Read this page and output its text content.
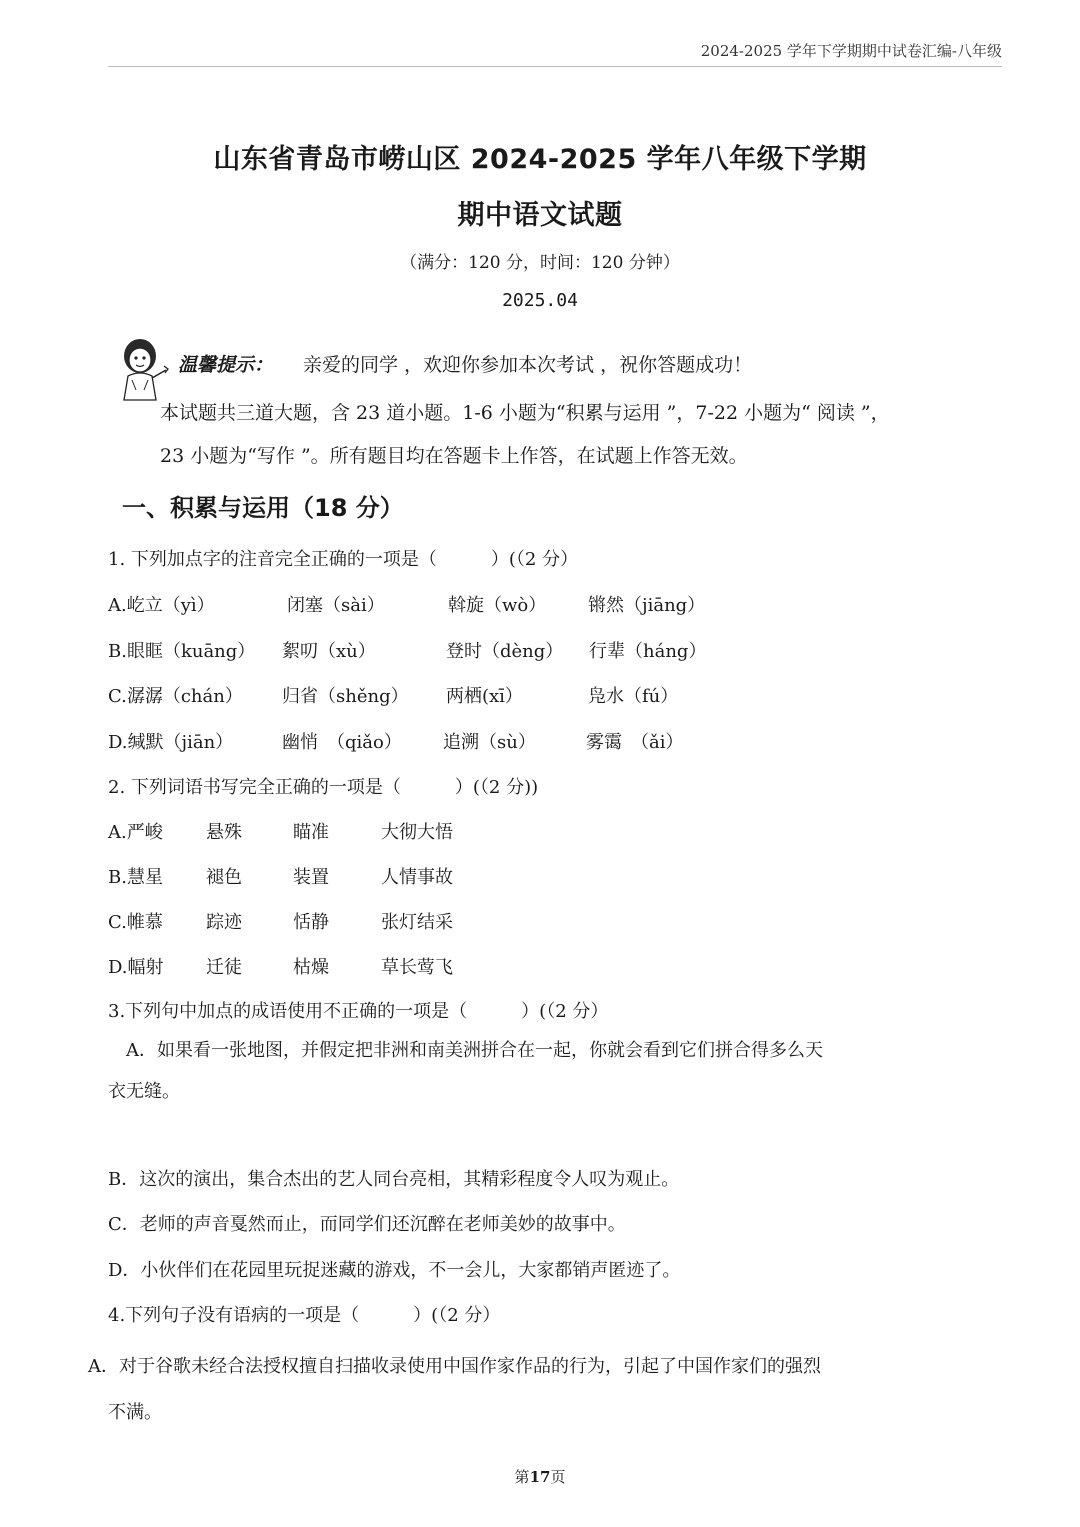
2024-2025 学年下学期期中试卷汇编-八年级
山东省青岛市崂山区 2024-2025 学年八年级下学期
期中语文试题
（满分：120 分，时间：120 分钟）
2025.04
温馨提示： 亲爱的同学 ，欢迎你参加本次考试 ，祝你答题成功！
本试题共三道大题，含 23 道小题。1-6 小题为“积累与运用 ”，7-22 小题为“ 阅读 ”，
23 小题为“写作 ”。所有题目均在答题卡上作答，在试题上作答无效。
一、积累与运用（18 分）
1. 下列加点字的注音完全正确的一项是（　　　）(（2 分）
A.屹立（yì）	闭塞（sài）	斡旋（wò） 锵然（jiāng）
B.眼眶（kuāng） 絮叨（xù）	登时（dèng） 行辈（háng）
C.潺潺（chán） 归省（shěng） 两栖(xī）	凫水（fú）
D.缄默（jiān）	幽悄　（qiǎo） 追溯（sù）	雾霭　（ǎi）
2. 下列词语书写完全正确的一项是（　　　）(（2 分))
A.严峻 悬殊	瞄准	大彻大悟
B.慧星 褪色	装置	人情事故
C.帷慕 踪迹	恬静	张灯结采
D.幅射 迁徒	枯燥	草长莺飞
3.下列句中加点的成语使用不正确的一项是（　　　）(（2 分）
A．如果看一张地图，并假定把非洲和南美洲拼合在一起，你就会看到它们拼合得多么天
衣无缝。
B．这次的演出，集合杰出的艺人同台亮相，其精彩程度令人叹为观止。
C．老师的声音戛然而止，而同学们还沉醉在老师美妙的故事中。
D．小伙伴们在花园里玩捉迷藏的游戏，不一会儿，大家都销声匿迹了。
4.下列句子没有语病的一项是（　　　）(（2 分）
A．对于谷歌未经合法授权擅自扫描收录使用中国作家作品的行为，引起了中国作家们的强烈
不满。
第17页
